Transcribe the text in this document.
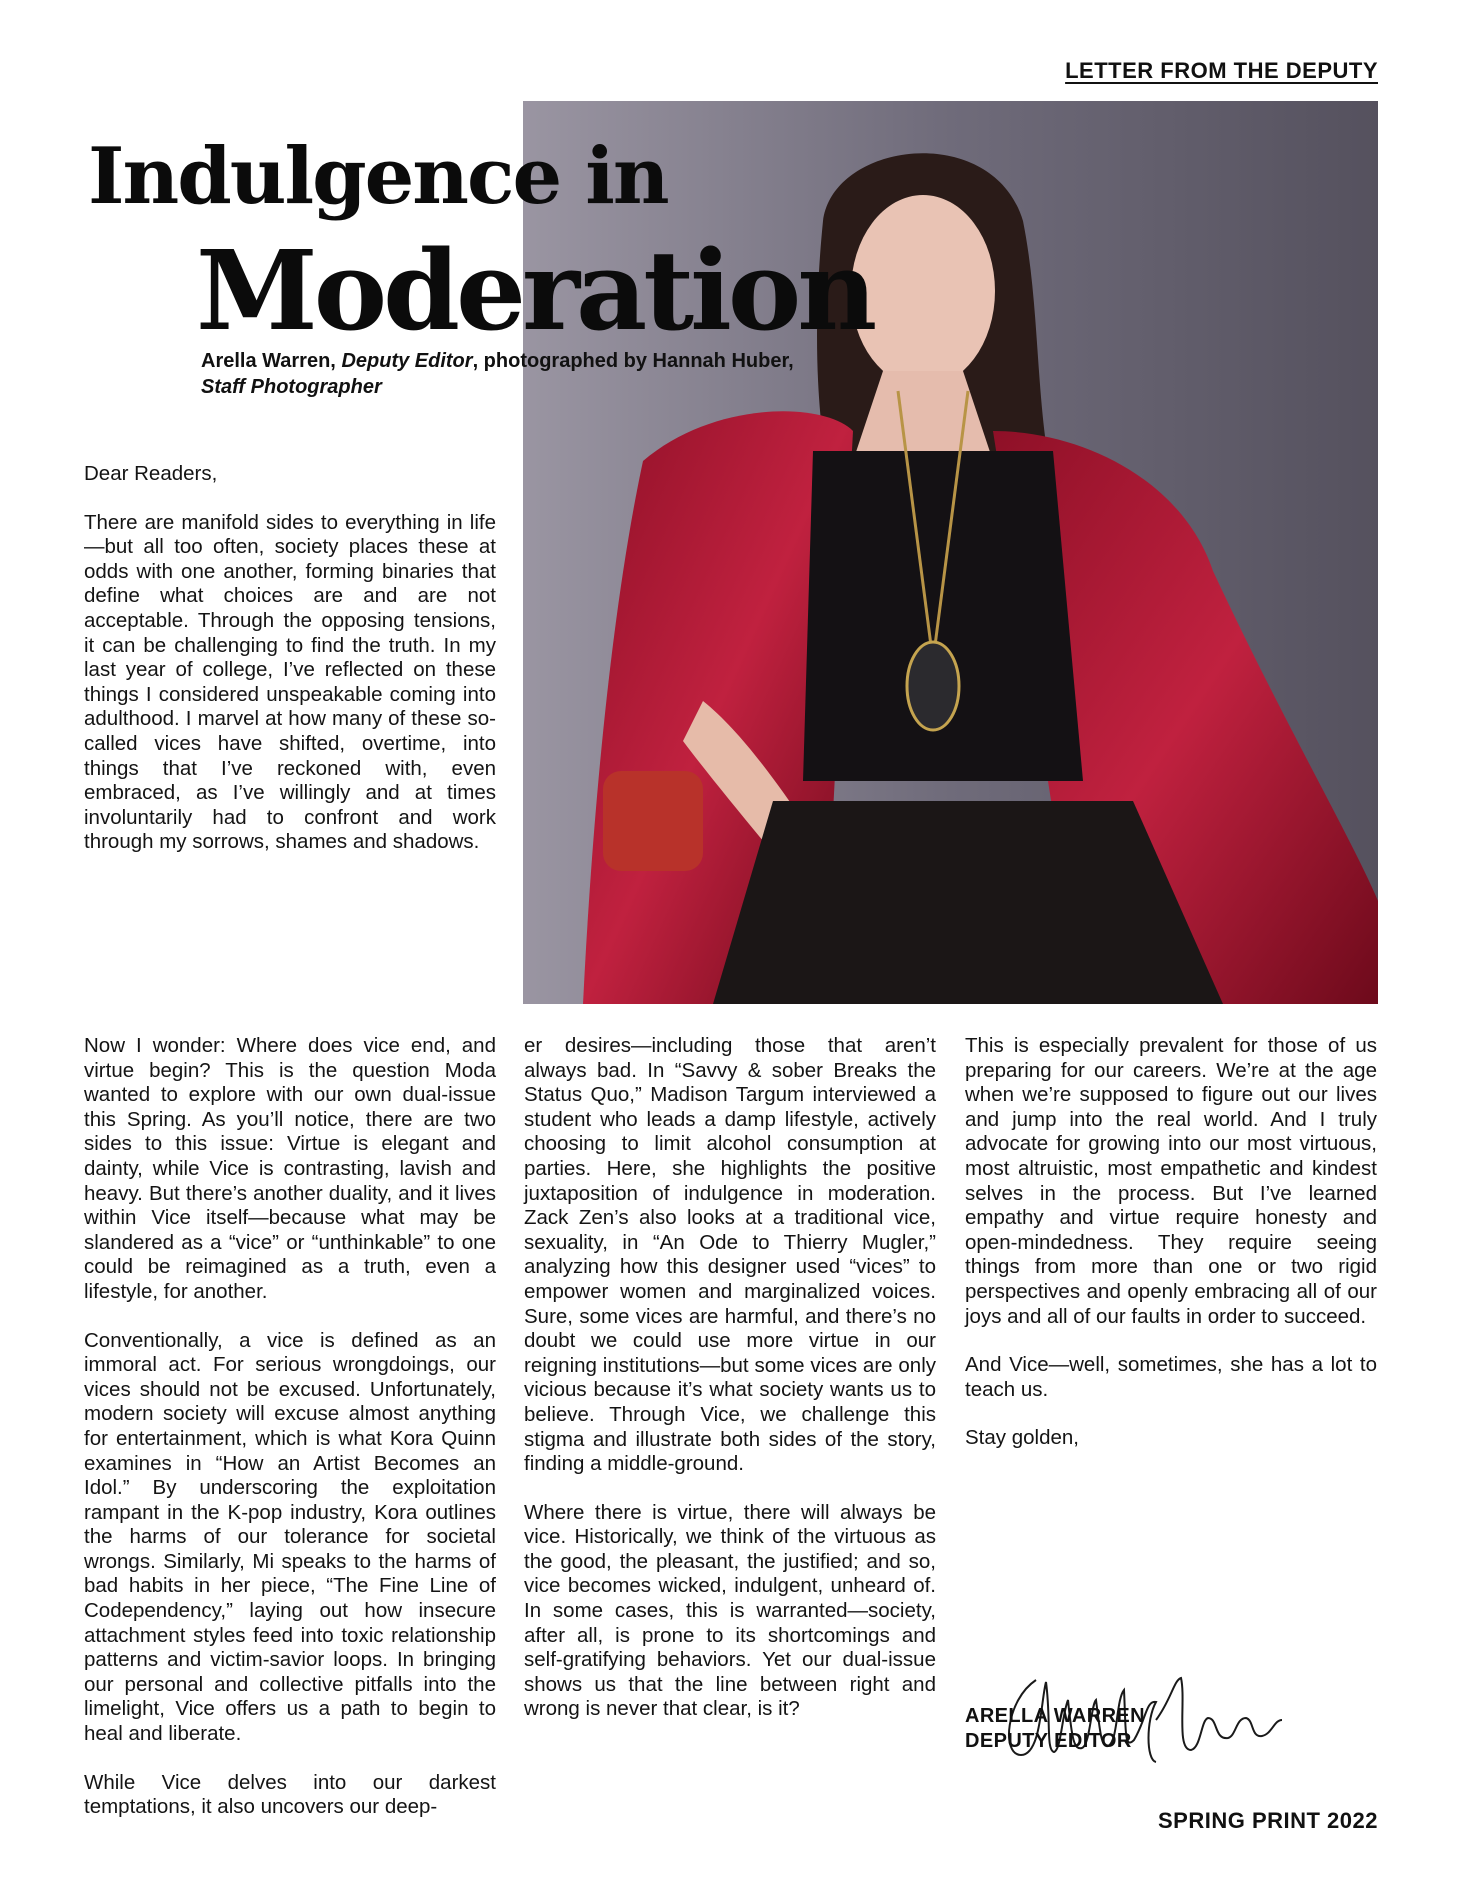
LETTER FROM THE DEPUTY
Indulgence in
Moderation
Arella Warren, Deputy Editor, photographed by Hannah Huber, Staff Photographer

Dear Readers,

There are manifold sides to everything in life—but all too often, society places these at odds with one another, forming binaries that define what choices are and are not acceptable. Through the opposing tensions, it can be challenging to find the truth. In my last year of college, I’ve reflected on these things I considered unspeakable coming into adulthood. I marvel at how many of these so-called vices have shifted, overtime, into things that I’ve reckoned with, even embraced, as I’ve willingly and at times involuntarily had to confront and work through my sorrows, shames and shadows.

Now I wonder: Where does vice end, and virtue begin? This is the question Moda wanted to explore with our own dual-issue this Spring. As you’ll notice, there are two sides to this issue: Virtue is elegant and dainty, while Vice is contrasting, lavish and heavy. But there’s another duality, and it lives within Vice itself—because what may be slandered as a “vice” or “unthinkable” to one could be reimagined as a truth, even a lifestyle, for another.

Conventionally, a vice is defined as an immoral act. For serious wrongdoings, our vices should not be excused. Unfortunately, modern society will excuse almost anything for entertainment, which is what Kora Quinn examines in “How an Artist Becomes an Idol.” By underscoring the exploitation rampant in the K-pop industry, Kora outlines the harms of our tolerance for societal wrongs. Similarly, Mi speaks to the harms of bad habits in her piece, “The Fine Line of Codependency,” laying out how insecure attachment styles feed into toxic relationship patterns and victim-savior loops. In bringing our personal and collective pitfalls into the limelight, Vice offers us a path to begin to heal and liberate.

While Vice delves into our darkest temptations, it also uncovers our deep-

er desires—including those that aren’t always bad. In “Savvy & sober Breaks the Status Quo,” Madison Targum interviewed a student who leads a damp lifestyle, actively choosing to limit alcohol consumption at parties. Here, she highlights the positive juxtaposition of indulgence in moderation. Zack Zen’s also looks at a traditional vice, sexuality, in “An Ode to Thierry Mugler,” analyzing how this designer used “vices” to empower women and marginalized voices. Sure, some vices are harmful, and there’s no doubt we could use more virtue in our reigning institutions—but some vices are only vicious because it’s what society wants us to believe. Through Vice, we challenge this stigma and illustrate both sides of the story, finding a middle-ground.

Where there is virtue, there will always be vice. Historically, we think of the virtuous as the good, the pleasant, the justified; and so, vice becomes wicked, indulgent, unheard of. In some cases, this is warranted—society, after all, is prone to its shortcomings and self-gratifying behaviors. Yet our dual-issue shows us that the line between right and wrong is never that clear, is it?

This is especially prevalent for those of us preparing for our careers. We’re at the age when we’re supposed to figure out our lives and jump into the real world. And I truly advocate for growing into our most virtuous, most altruistic, most empathetic and kindest selves in the process. But I’ve learned empathy and virtue require honesty and open-mindedness. They require seeing things from more than one or two rigid perspectives and openly embracing all of our joys and all of our faults in order to succeed.

And Vice—well, sometimes, she has a lot to teach us.

Stay golden,

ARELLA WARREN
DEPUTY EDITOR
SPRING PRINT 2022
